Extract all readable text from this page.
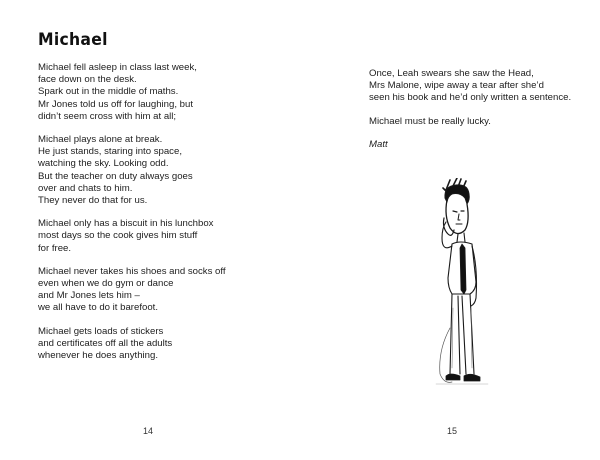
Michael
Michael fell asleep in class last week,
face down on the desk.
Spark out in the middle of maths.
Mr Jones told us off for laughing, but
didn’t seem cross with him at all;
Michael plays alone at break.
He just stands, staring into space,
watching the sky. Looking odd.
But the teacher on duty always goes
over and chats to him.
They never do that for us.
Michael only has a biscuit in his lunchbox
most days so the cook gives him stuff
for free.
Michael never takes his shoes and socks off
even when we do gym or dance
and Mr Jones lets him –
we all have to do it barefoot.
Michael gets loads of stickers
and certificates off all the adults
whenever he does anything.
14
Once, Leah swears she saw the Head,
Mrs Malone, wipe away a tear after she’d
seen his book and he’d only written a sentence.
Michael must be really lucky.
Matt
15
